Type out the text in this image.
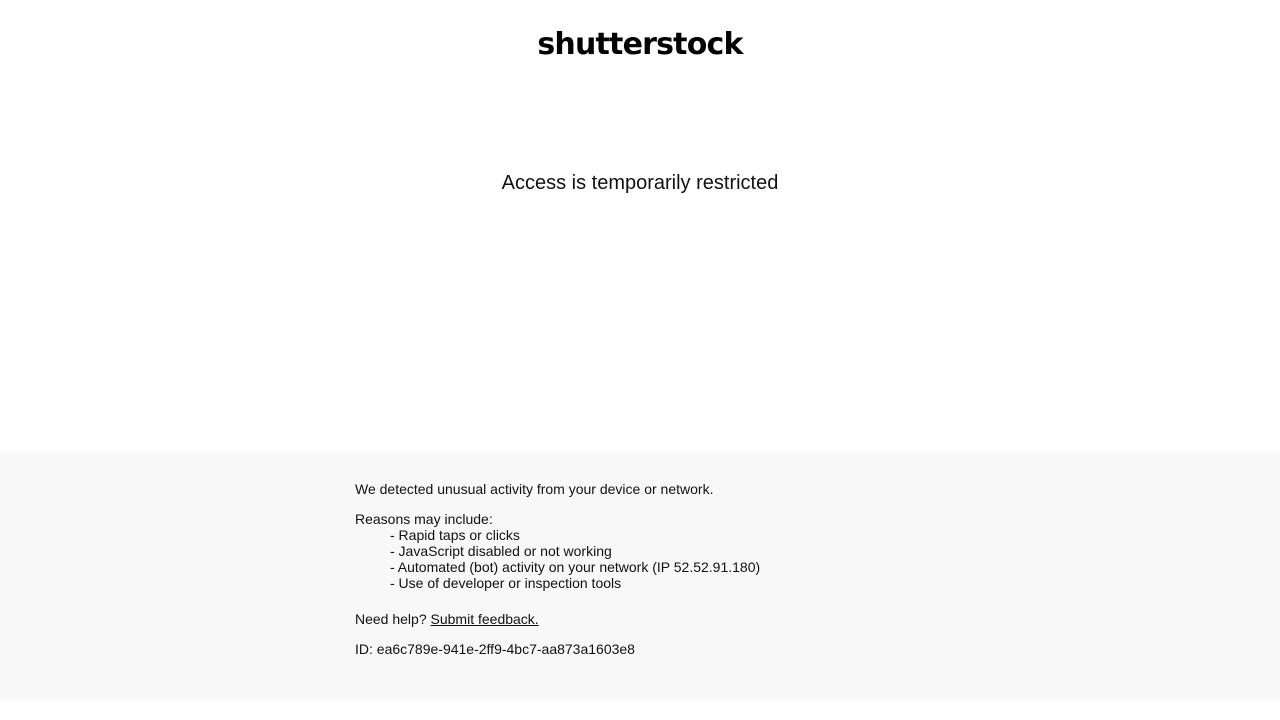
shutterstock
Access is temporarily restricted

We detected unusual activity from your device or network.

Reasons may include:

- Rapid taps or clicks
- JavaScript disabled or not working
- Automated (bot) activity on your network (IP 52.52.91.180)
- Use of developer or inspection tools

Need help? Submit feedback.

ID: ea6c789e-941e-2ff9-4bc7-aa873a1603e8
